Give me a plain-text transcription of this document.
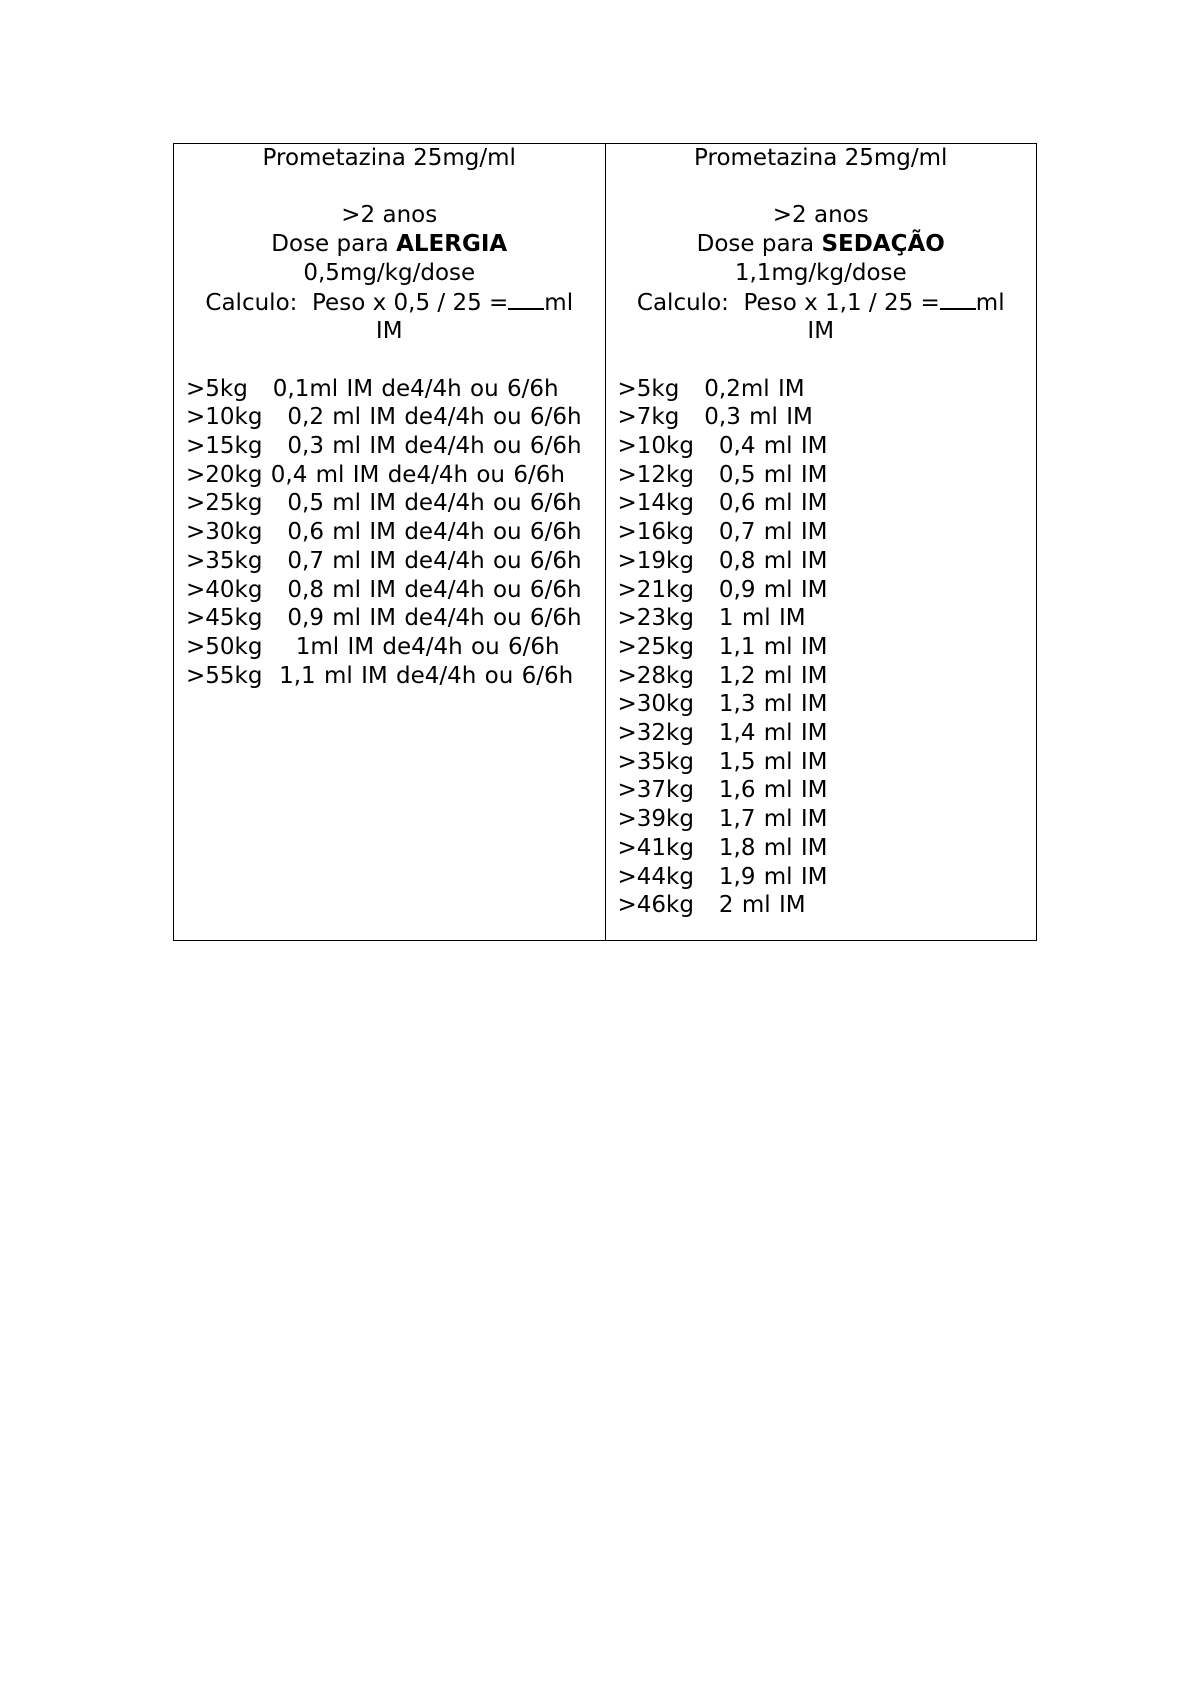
Prometazina 25mg/ml
>2 anos
Dose para ALERGIA
0,5mg/kg/dose
Calculo:  Peso x 0,5 / 25 = ml
IM
>5kg   0,1ml IM de4/4h ou 6/6h
>10kg   0,2 ml IM de4/4h ou 6/6h
>15kg   0,3 ml IM de4/4h ou 6/6h
>20kg 0,4 ml IM de4/4h ou 6/6h
>25kg   0,5 ml IM de4/4h ou 6/6h
>30kg   0,6 ml IM de4/4h ou 6/6h
>35kg   0,7 ml IM de4/4h ou 6/6h
>40kg   0,8 ml IM de4/4h ou 6/6h
>45kg   0,9 ml IM de4/4h ou 6/6h
>50kg    1ml IM de4/4h ou 6/6h
>55kg  1,1 ml IM de4/4h ou 6/6h

Prometazina 25mg/ml
>2 anos
Dose para SEDAÇÃO
1,1mg/kg/dose
Calculo:  Peso x 1,1 / 25 = ml
IM
>5kg   0,2ml IM
>7kg   0,3 ml IM
>10kg   0,4 ml IM
>12kg   0,5 ml IM
>14kg   0,6 ml IM
>16kg   0,7 ml IM
>19kg   0,8 ml IM
>21kg   0,9 ml IM
>23kg   1 ml IM
>25kg   1,1 ml IM
>28kg   1,2 ml IM
>30kg   1,3 ml IM
>32kg   1,4 ml IM
>35kg   1,5 ml IM
>37kg   1,6 ml IM
>39kg   1,7 ml IM
>41kg   1,8 ml IM
>44kg   1,9 ml IM
>46kg   2 ml IM
